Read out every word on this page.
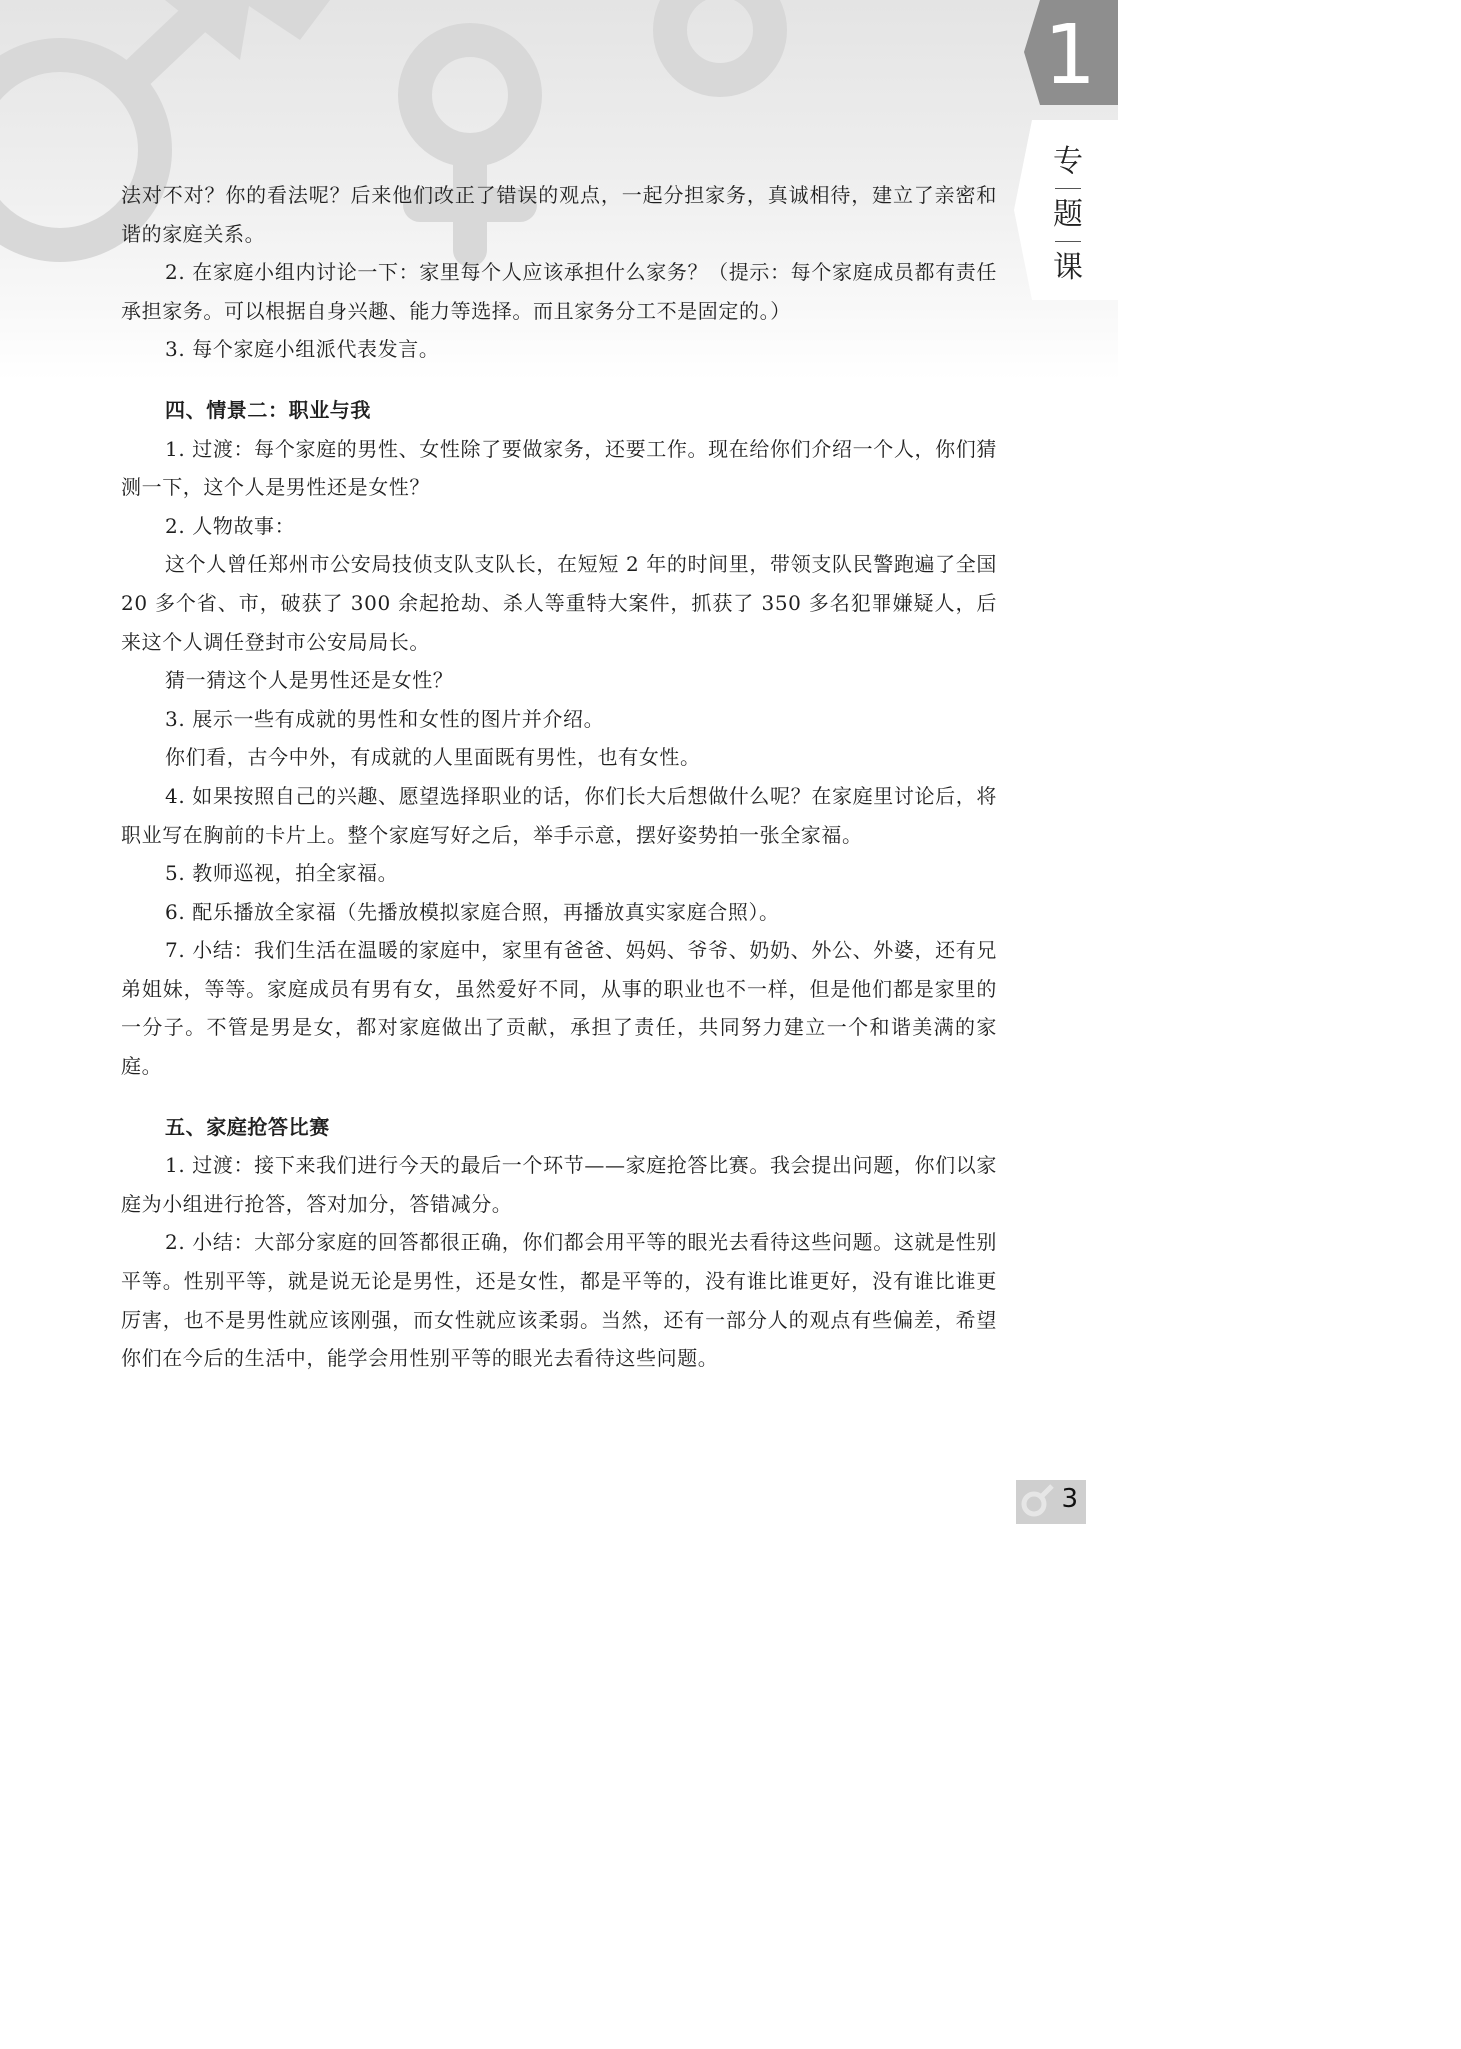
1
专
题
课

法对不对？你的看法呢？后来他们改正了错误的观点，一起分担家务，真诚相待，建立了亲密和谐的家庭关系。

2. 在家庭小组内讨论一下：家里每个人应该承担什么家务？（提示：每个家庭成员都有责任承担家务。可以根据自身兴趣、能力等选择。而且家务分工不是固定的。）

3. 每个家庭小组派代表发言。

四、情景二：职业与我

1. 过渡：每个家庭的男性、女性除了要做家务，还要工作。现在给你们介绍一个人，你们猜测一下，这个人是男性还是女性？

2. 人物故事：

这个人曾任郑州市公安局技侦支队支队长，在短短 2 年的时间里，带领支队民警跑遍了全国 20 多个省、市，破获了 300 余起抢劫、杀人等重特大案件，抓获了 350 多名犯罪嫌疑人，后来这个人调任登封市公安局局长。

猜一猜这个人是男性还是女性？

3. 展示一些有成就的男性和女性的图片并介绍。

你们看，古今中外，有成就的人里面既有男性，也有女性。

4. 如果按照自己的兴趣、愿望选择职业的话，你们长大后想做什么呢？在家庭里讨论后，将职业写在胸前的卡片上。整个家庭写好之后，举手示意，摆好姿势拍一张全家福。

5. 教师巡视，拍全家福。

6. 配乐播放全家福（先播放模拟家庭合照，再播放真实家庭合照）。

7. 小结：我们生活在温暖的家庭中，家里有爸爸、妈妈、爷爷、奶奶、外公、外婆，还有兄弟姐妹，等等。家庭成员有男有女，虽然爱好不同，从事的职业也不一样，但是他们都是家里的一分子。不管是男是女，都对家庭做出了贡献，承担了责任，共同努力建立一个和谐美满的家庭。

五、家庭抢答比赛

1. 过渡：接下来我们进行今天的最后一个环节——家庭抢答比赛。我会提出问题，你们以家庭为小组进行抢答，答对加分，答错减分。

2. 小结：大部分家庭的回答都很正确，你们都会用平等的眼光去看待这些问题。这就是性别平等。性别平等，就是说无论是男性，还是女性，都是平等的，没有谁比谁更好，没有谁比谁更厉害，也不是男性就应该刚强，而女性就应该柔弱。当然，还有一部分人的观点有些偏差，希望你们在今后的生活中，能学会用性别平等的眼光去看待这些问题。

3
